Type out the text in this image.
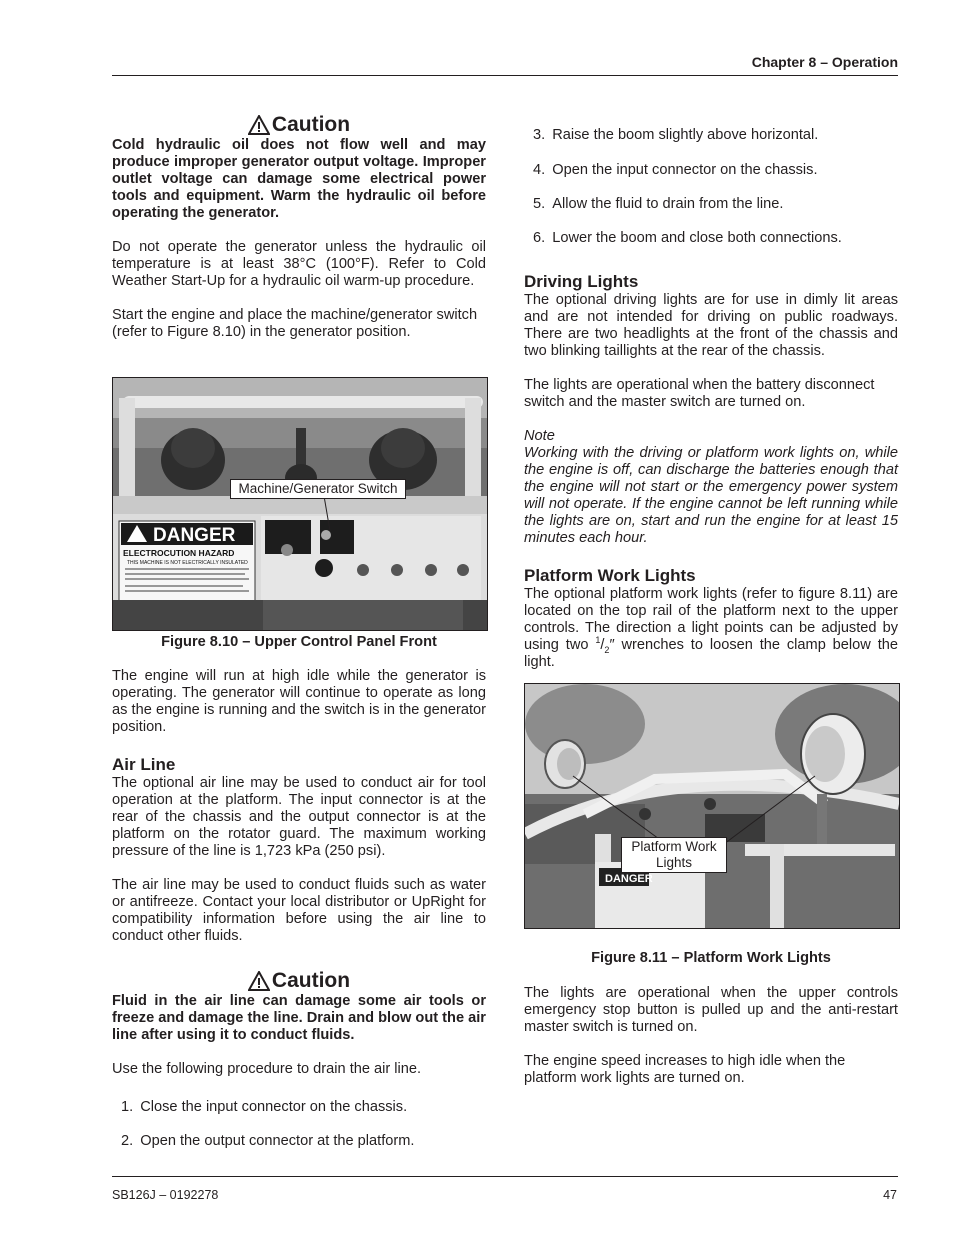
Chapter 8 – Operation
Caution

Cold hydraulic oil does not flow well and may produce improper generator output voltage. Improper outlet voltage can damage some electrical power tools and equipment. Warm the hydraulic oil before operating the generator.

Do not operate the generator unless the hydraulic oil temperature is at least 38°C (100°F). Refer to Cold Weather Start-Up for a hydraulic oil warm-up procedure.

Start the engine and place the machine/generator switch (refer to Figure 8.10) in the generator position.

DANGER
ELECTROCUTION HAZARD
THIS MACHINE IS NOT ELECTRICALLY INSULATED
Machine/Generator Switch
Figure 8.10 – Upper Control Panel Front

The engine will run at high idle while the generator is operating. The generator will continue to operate as long as the engine is running and the switch is in the generator position.

Air Line

The optional air line may be used to conduct air for tool operation at the platform. The input connector is at the rear of the chassis and the output connector is at the platform on the rotator guard. The maximum working pressure of the line is 1,723 kPa (250 psi).

The air line may be used to conduct fluids such as water or antifreeze. Contact your local distributor or UpRight for compatibility information before using the air line to conduct other fluids.

Caution

Fluid in the air line can damage some air tools or freeze and damage the line. Drain and blow out the air line after using it to conduct fluids.

Use the following procedure to drain the air line.

1. Close the input connector on the chassis.
2. Open the output connector at the platform.
3. Raise the boom slightly above horizontal.
4. Open the input connector on the chassis.
5. Allow the fluid to drain from the line.
6. Lower the boom and close both connections.
Driving Lights

The optional driving lights are for use in dimly lit areas and are not intended for driving on public roadways. There are two headlights at the front of the chassis and two blinking taillights at the rear of the chassis.

The lights are operational when the battery disconnect switch and the master switch are turned on.

Note

Working with the driving or platform work lights on, while the engine is off, can discharge the batteries enough that the engine will not start or the emergency power system will not operate. If the engine cannot be left running while the lights are on, start and run the engine for at least 15 minutes each hour.

Platform Work Lights

The optional platform work lights (refer to figure 8.11) are located on the top rail of the platform next to the upper controls. The direction a light points can be adjusted by using two $^1/_2''$ wrenches to loosen the clamp below the light.

DANGER
Platform Work Lights
Figure 8.11 – Platform Work Lights

The lights are operational when the upper controls emergency stop button is pulled up and the anti-restart master switch is turned on.

The engine speed increases to high idle when the platform work lights are turned on.

SB126J – 0192278	47
